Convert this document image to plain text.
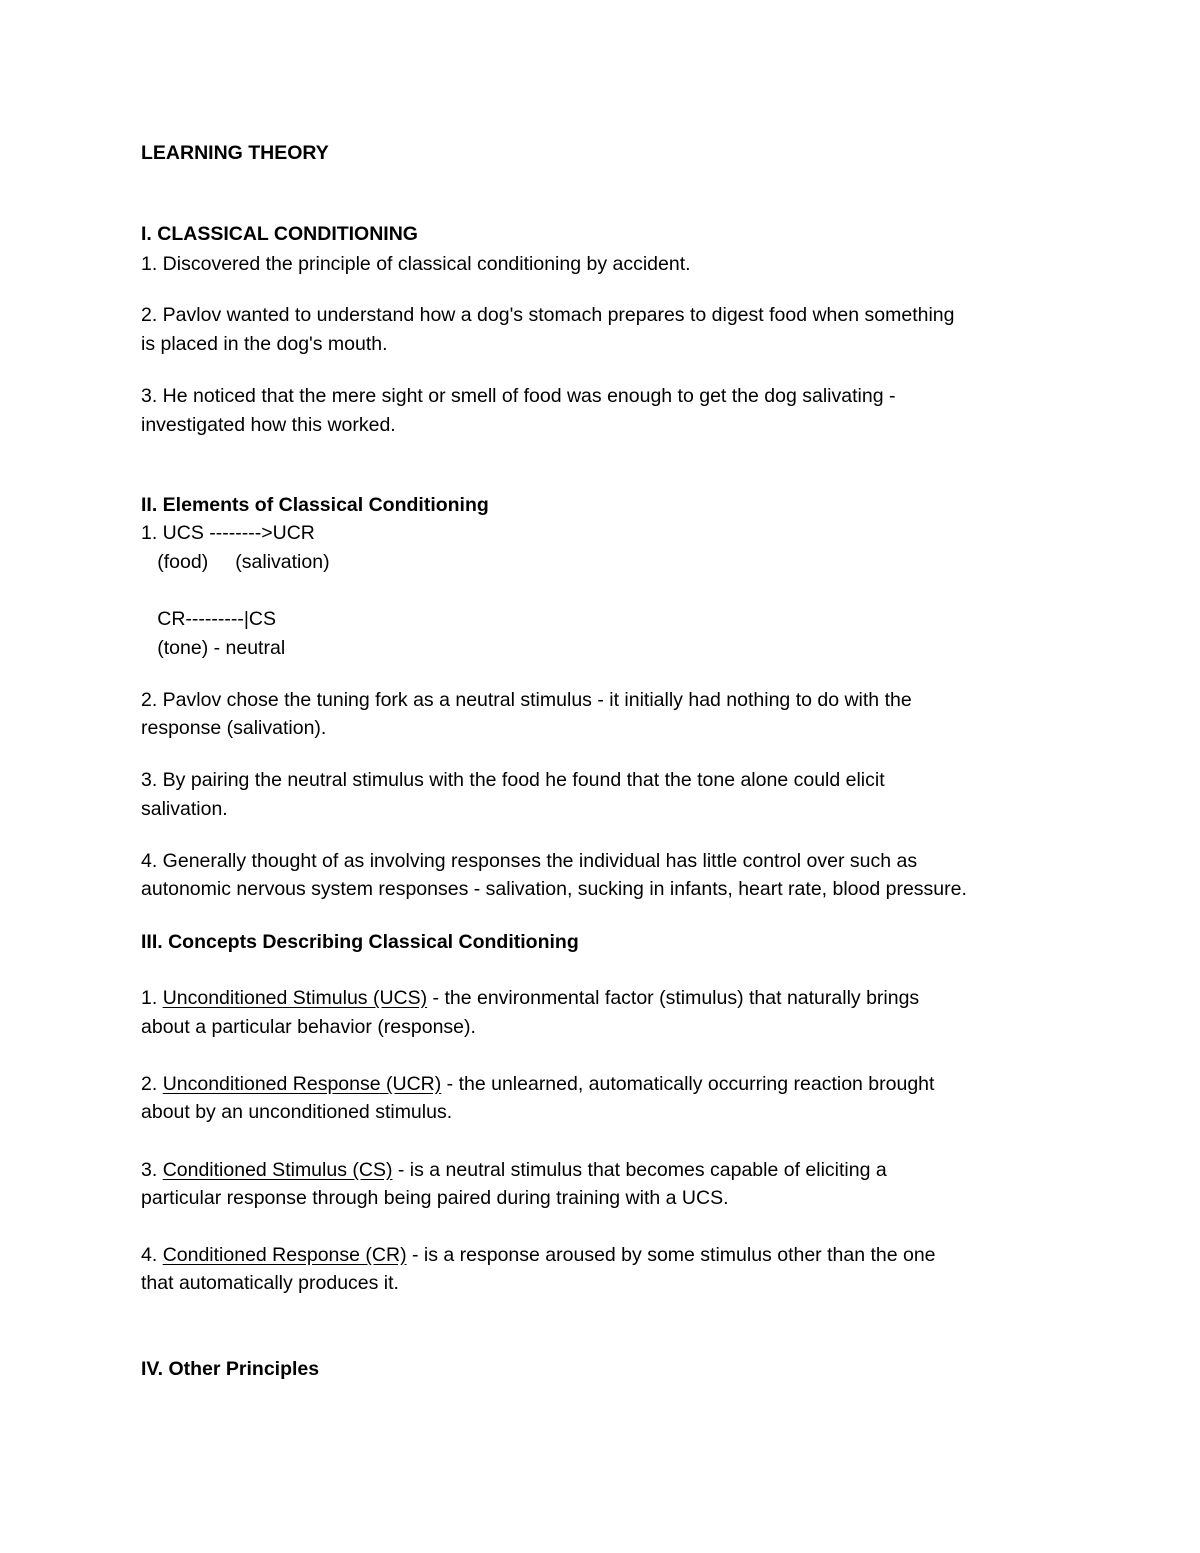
LEARNING THEORY

I. CLASSICAL CONDITIONING

1. Discovered the principle of classical conditioning by accident.

2. Pavlov wanted to understand how a dog's stomach prepares to digest food when something

is placed in the dog's mouth.

3. He noticed that the mere sight or smell of food was enough to get the dog salivating -

investigated how this worked.

II. Elements of Classical Conditioning

1. UCS -------->UCR

(food)     (salivation)

CR---------|CS

(tone) - neutral

2. Pavlov chose the tuning fork as a neutral stimulus - it initially had nothing to do with the

response (salivation).

3. By pairing the neutral stimulus with the food he found that the tone alone could elicit

salivation.

4. Generally thought of as involving responses the individual has little control over such as

autonomic nervous system responses - salivation, sucking in infants, heart rate, blood pressure.

III. Concepts Describing Classical Conditioning

1. Unconditioned Stimulus (UCS) - the environmental factor (stimulus) that naturally brings

about a particular behavior (response).

2. Unconditioned Response (UCR) - the unlearned, automatically occurring reaction brought

about by an unconditioned stimulus.

3. Conditioned Stimulus (CS) - is a neutral stimulus that becomes capable of eliciting a

particular response through being paired during training with a UCS.

4. Conditioned Response (CR) - is a response aroused by some stimulus other than the one

that automatically produces it.

IV. Other Principles
